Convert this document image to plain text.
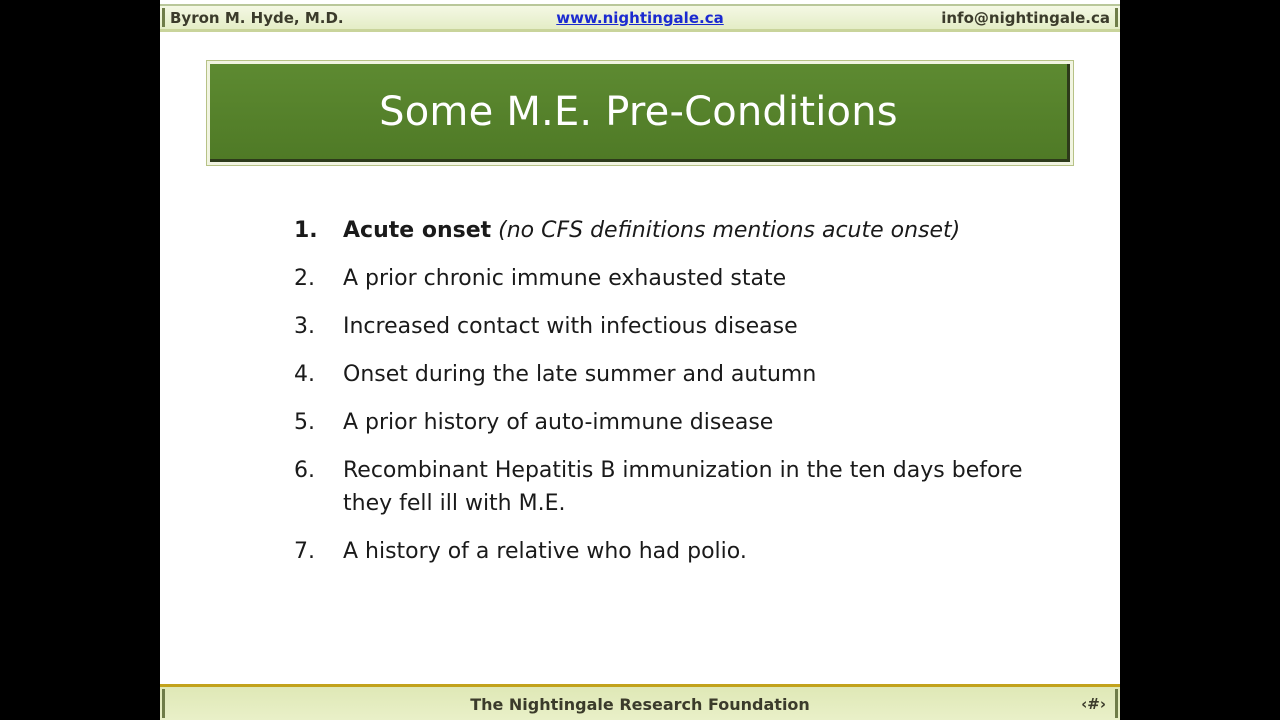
Byron M. Hyde, M.D.	www.nightingale.ca	info@nightingale.ca
Some M.E. Pre-Conditions
1. Acute onset (no CFS definitions mentions acute onset)
2. A prior chronic immune exhausted state
3. Increased contact with infectious disease
4. Onset during the late summer and autumn
5. A prior history of auto-immune disease
6. Recombinant Hepatitis B immunization in the ten days before they fell ill with M.E.
7. A history of a relative who had polio.
The Nightingale Research Foundation	‹#›
